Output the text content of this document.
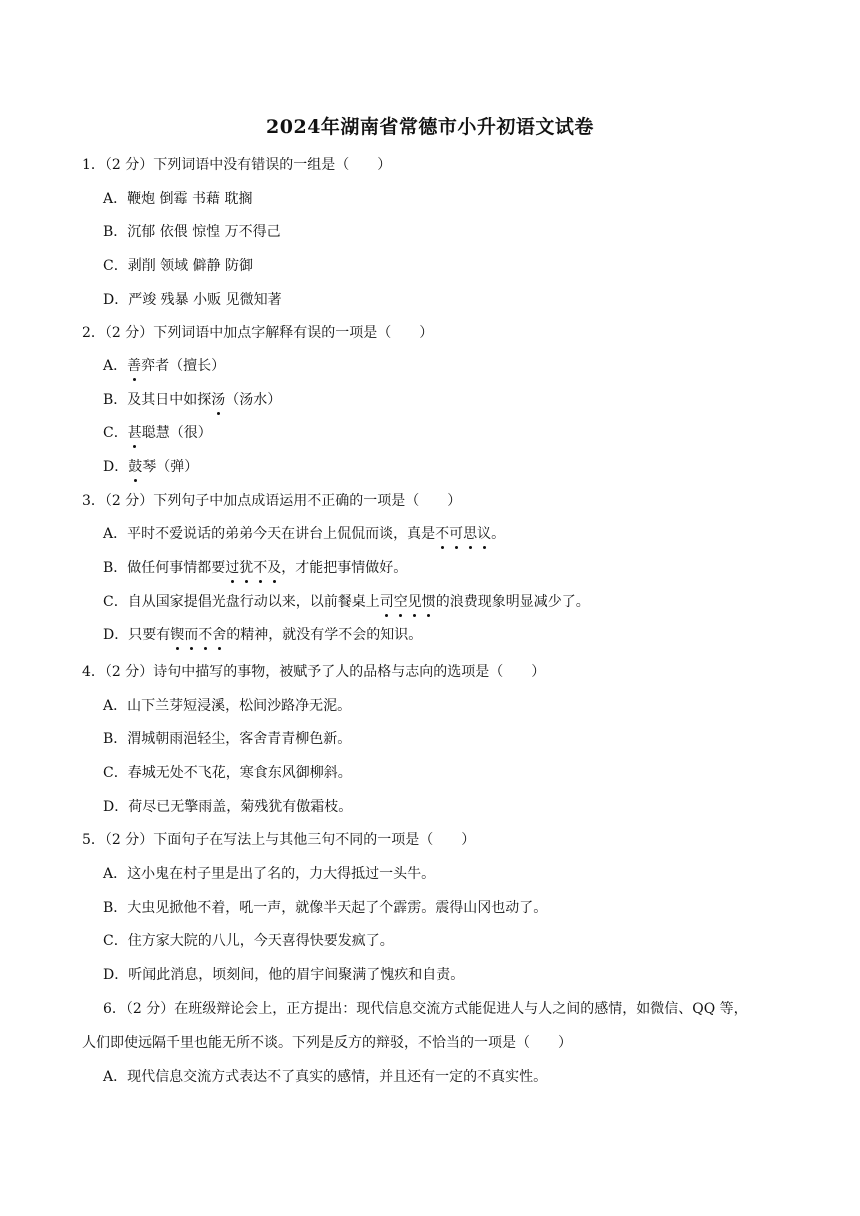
2024年湖南省常德市小升初语文试卷
1．（2 分）下列词语中没有错误的一组是（　　）
A．鞭炮 倒霉 书藉 耽搁
B．沉郁 依偎 惊惶 万不得己
C．剥削 领域 僻静 防御
D．严竣 残暴 小贩 见微知著
2．（2 分）下列词语中加点字解释有误的一项是（　　）
A．善弈者（擅长）
B．及其日中如探汤（汤水）
C．甚聪慧（很）
D．鼓琴（弹）
3．（2 分）下列句子中加点成语运用不正确的一项是（　　）
A．平时不爱说话的弟弟今天在讲台上侃侃而谈，真是不可思议。
B．做任何事情都要过犹不及，才能把事情做好。
C．自从国家提倡光盘行动以来，以前餐桌上司空见惯的浪费现象明显减少了。
D．只要有锲而不舍的精神，就没有学不会的知识。
4．（2 分）诗句中描写的事物，被赋予了人的品格与志向的选项是（　　）
A．山下兰芽短浸溪，松间沙路净无泥。
B．渭城朝雨浥轻尘，客舍青青柳色新。
C．春城无处不飞花，寒食东风御柳斜。
D．荷尽已无擎雨盖，菊残犹有傲霜枝。
5．（2 分）下面句子在写法上与其他三句不同的一项是（　　）
A．这小鬼在村子里是出了名的，力大得抵过一头牛。
B．大虫见掀他不着，吼一声，就像半天起了个霹雳。震得山冈也动了。
C．住方家大院的八儿，今天喜得快要发疯了。
D．听闻此消息，顷刻间，他的眉宇间聚满了愧疚和自责。
6．（2 分）在班级辩论会上，正方提出：现代信息交流方式能促进人与人之间的感情，如微信、QQ 等，
人们即使远隔千里也能无所不谈。下列是反方的辩驳，不恰当的一项是（　　）
A．现代信息交流方式表达不了真实的感情，并且还有一定的不真实性。
